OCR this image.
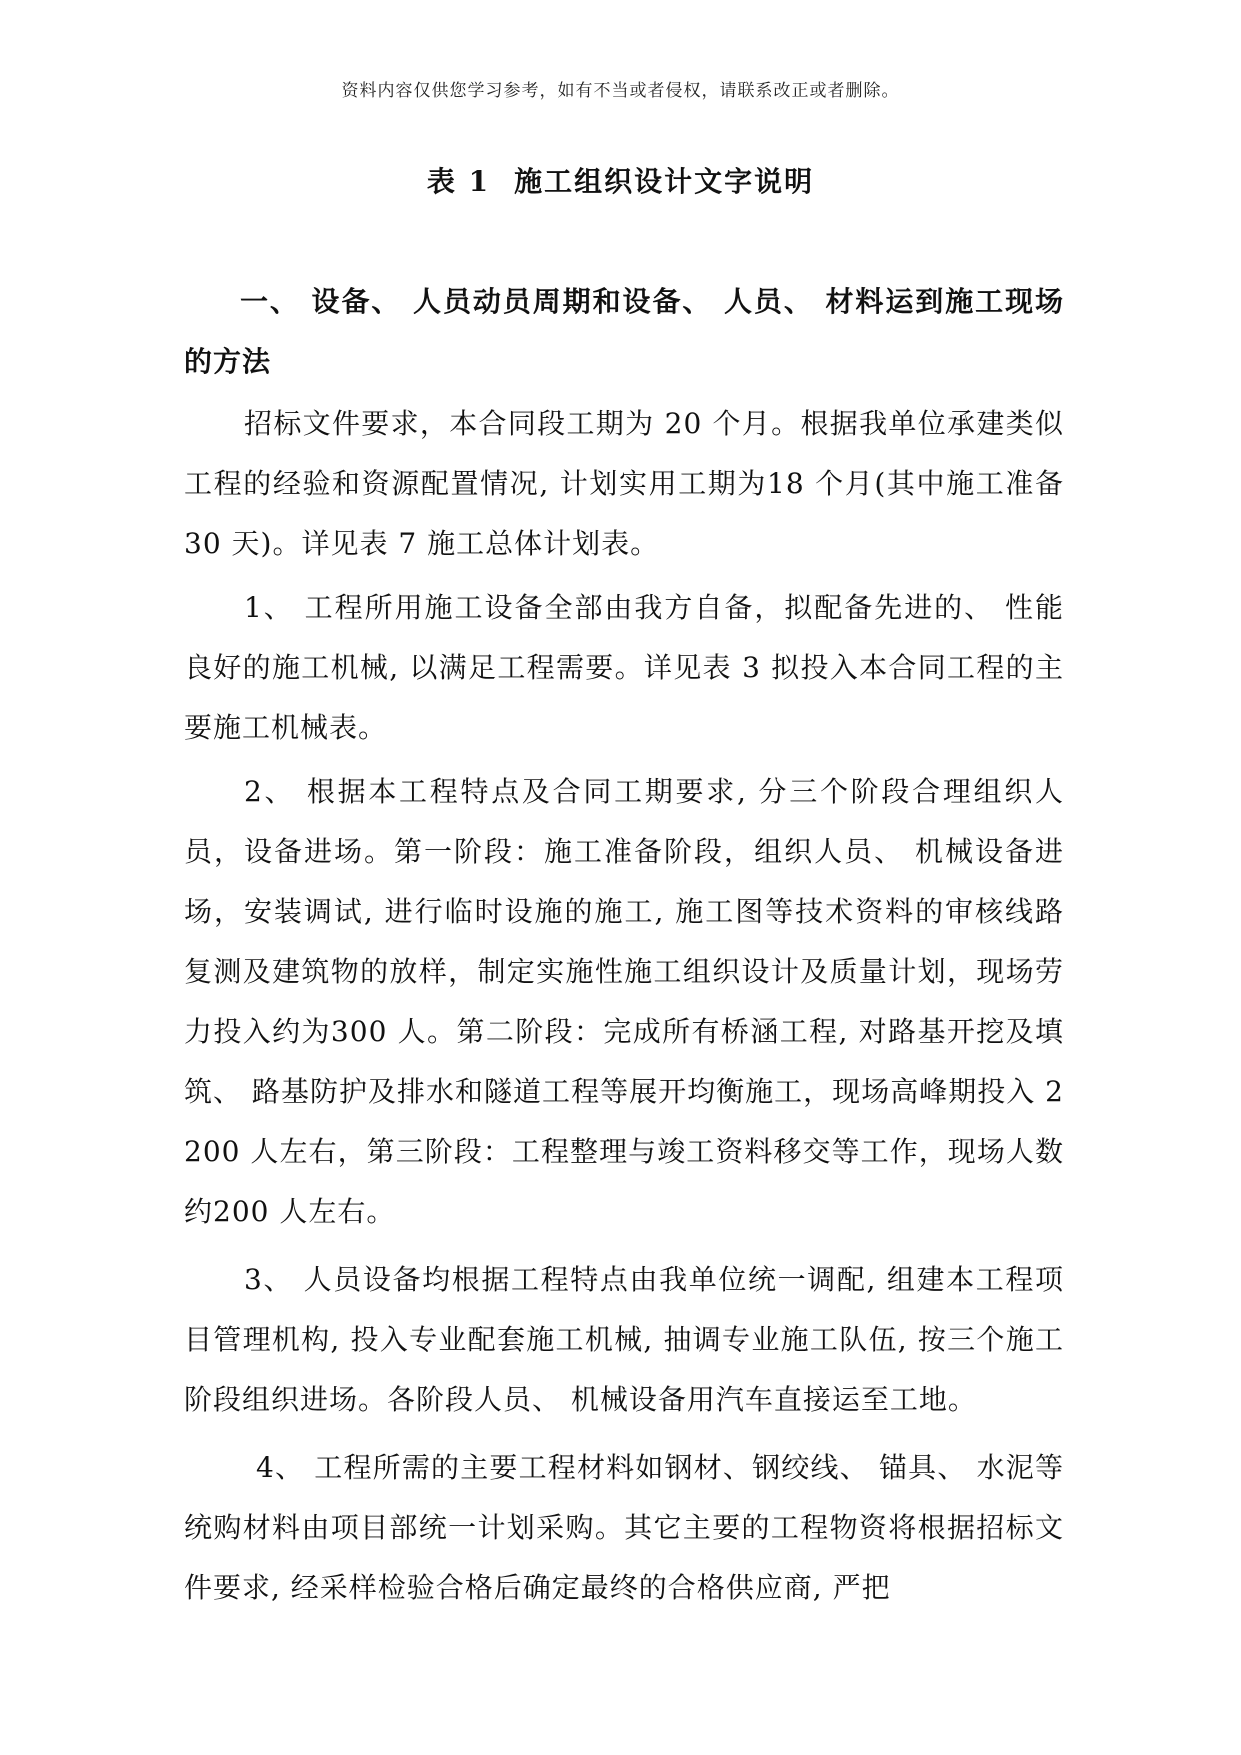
资料内容仅供您学习参考，如有不当或者侵权，请联系改正或者删除。
表 1 施工组织设计文字说明

一、 设备、 人员动员周期和设备、 人员、 材料运到施工现场的方法

招标文件要求，本合同段工期为 20 个月。根据我单位承建类似工程的经验和资源配置情况, 计划实用工期为18 个月(其中施工准备 30 天)。详见表 7 施工总体计划表。

1、 工程所用施工设备全部由我方自备，拟配备先进的、 性能良好的施工机械, 以满足工程需要。详见表 3 拟投入本合同工程的主要施工机械表。

2、 根据本工程特点及合同工期要求, 分三个阶段合理组织人员，设备进场。第一阶段：施工准备阶段，组织人员、 机械设备进场，安装调试, 进行临时设施的施工, 施工图等技术资料的审核线路复测及建筑物的放样，制定实施性施工组织设计及质量计划，现场劳力投入约为300 人。第二阶段：完成所有桥涵工程, 对路基开挖及填筑、 路基防护及排水和隧道工程等展开均衡施工，现场高峰期投入 2200 人左右，第三阶段：工程整理与竣工资料移交等工作，现场人数约200 人左右。

3、 人员设备均根据工程特点由我单位统一调配, 组建本工程项目管理机构, 投入专业配套施工机械, 抽调专业施工队伍, 按三个施工阶段组织进场。各阶段人员、 机械设备用汽车直接运至工地。

4、 工程所需的主要工程材料如钢材、钢绞线、 锚具、 水泥等统购材料由项目部统一计划采购。其它主要的工程物资将根据招标文件要求, 经采样检验合格后确定最终的合格供应商, 严把
